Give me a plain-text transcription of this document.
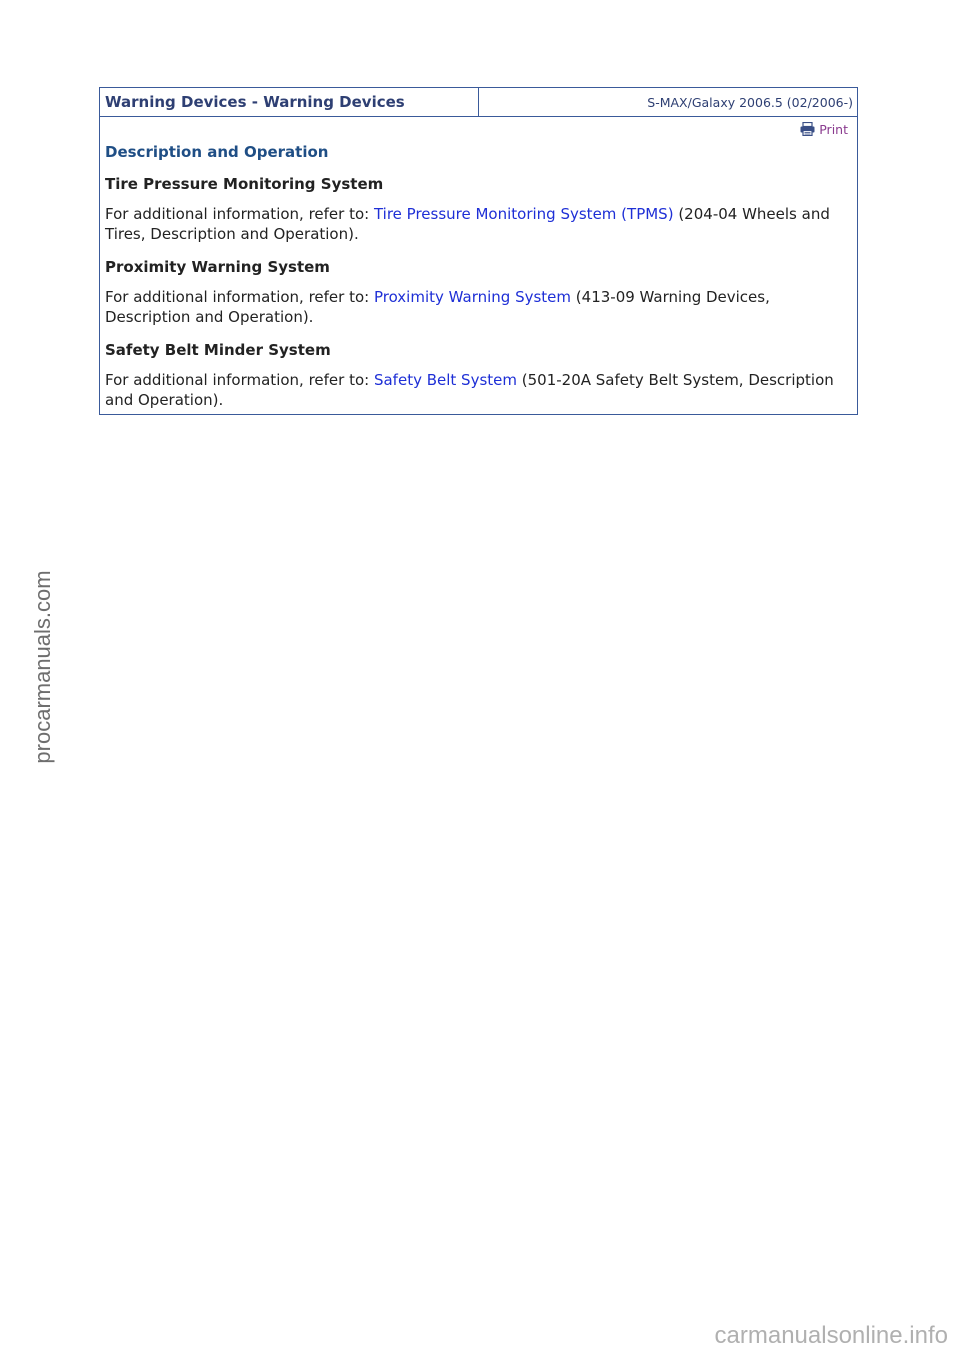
Warning Devices - Warning Devices	S-MAX/Galaxy 2006.5 (02/2006-)
Print
Description and Operation
Tire Pressure Monitoring System
For additional information, refer to: Tire Pressure Monitoring System (TPMS) (204-04 Wheels and Tires, Description and Operation).
Proximity Warning System
For additional information, refer to: Proximity Warning System (413-09 Warning Devices, Description and Operation).
Safety Belt Minder System
For additional information, refer to: Safety Belt System (501-20A Safety Belt System, Description and Operation).
procarmanuals.com
carmanualsonline.info
